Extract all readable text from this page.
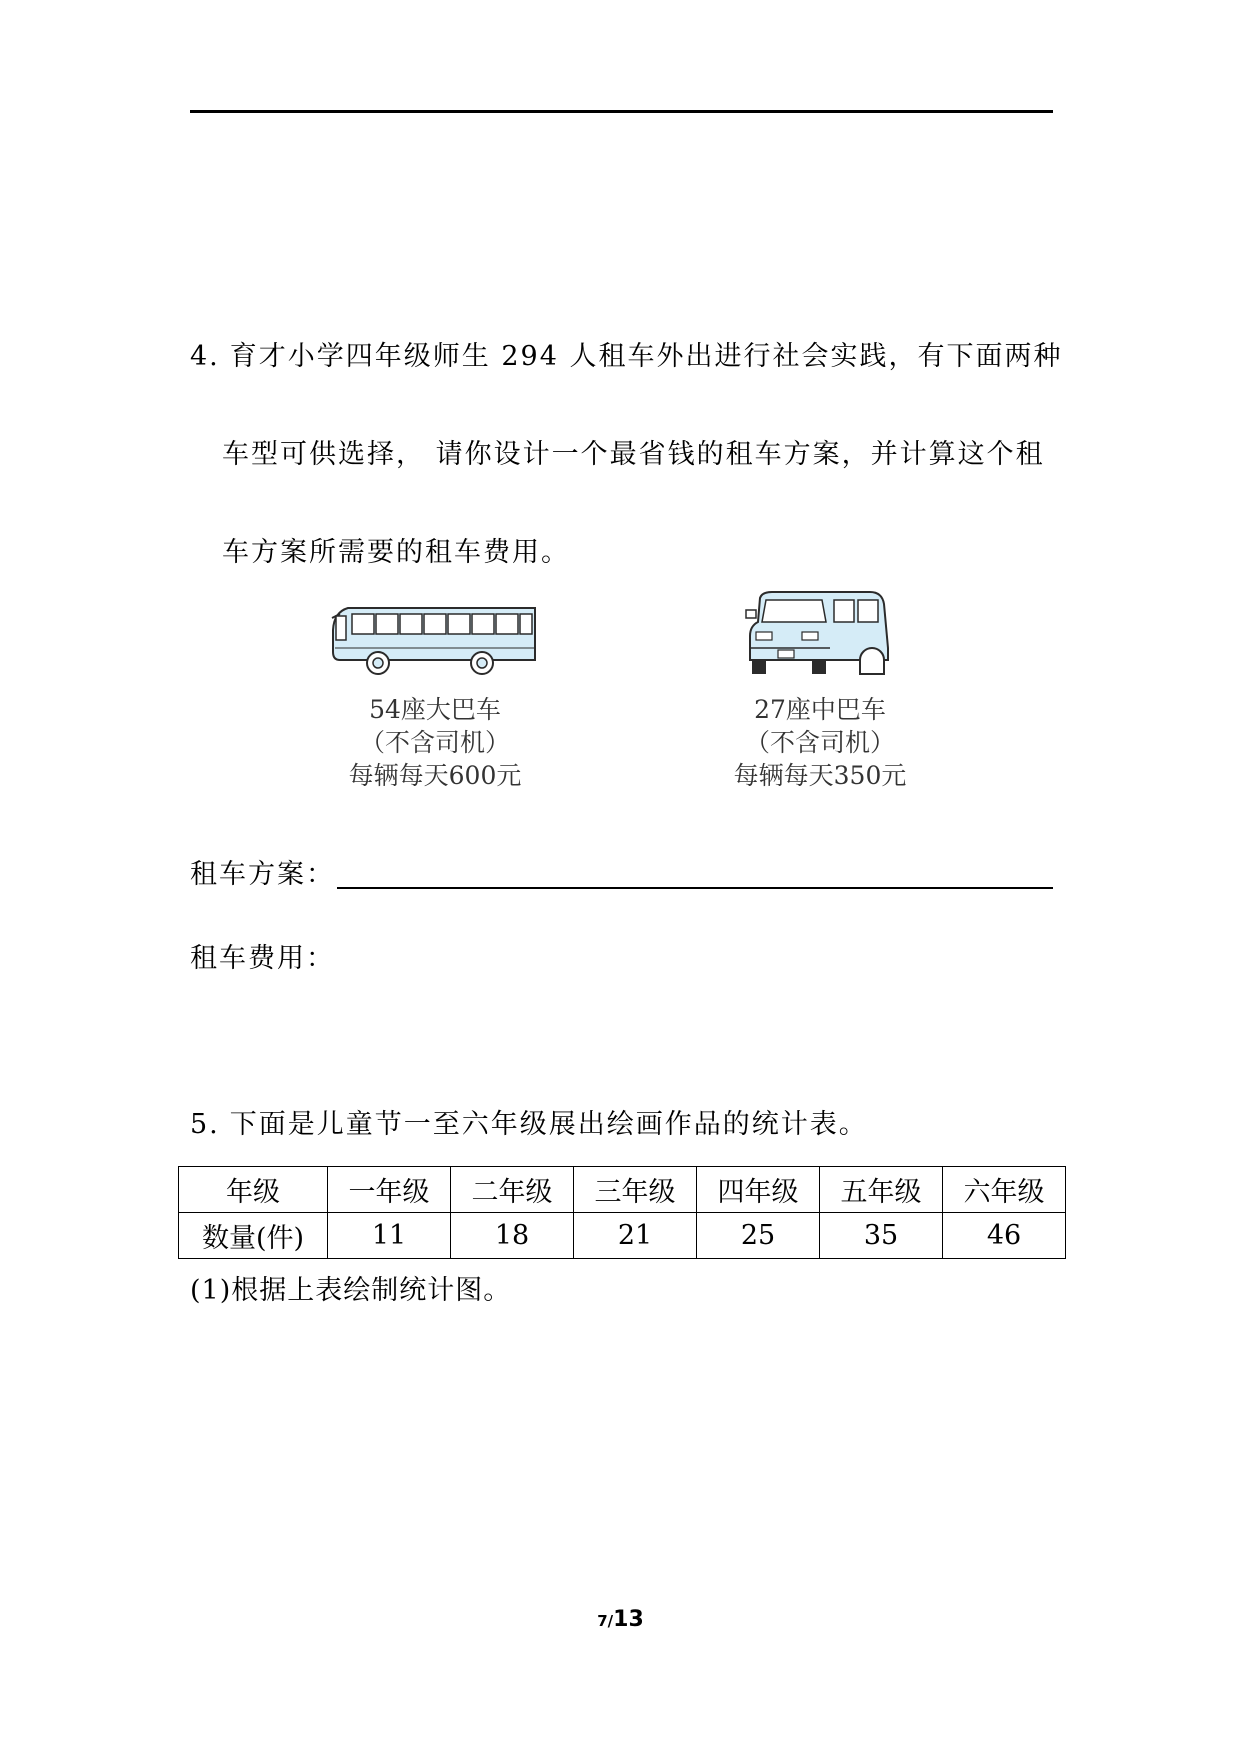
4. 育才小学四年级师生 294 人租车外出进行社会实践，有下面两种
车型可供选择， 请你设计一个最省钱的租车方案，并计算这个租
车方案所需要的租车费用。
54座大巴车
（不含司机）
每辆每天600元
27座中巴车
（不含司机）
每辆每天350元
租车方案：
租车费用：
5. 下面是儿童节一至六年级展出绘画作品的统计表。
年级	一年级	二年级	三年级	四年级	五年级	六年级
数量(件)	11	18	21	25	35	46
(1)根据上表绘制统计图。
7/13
